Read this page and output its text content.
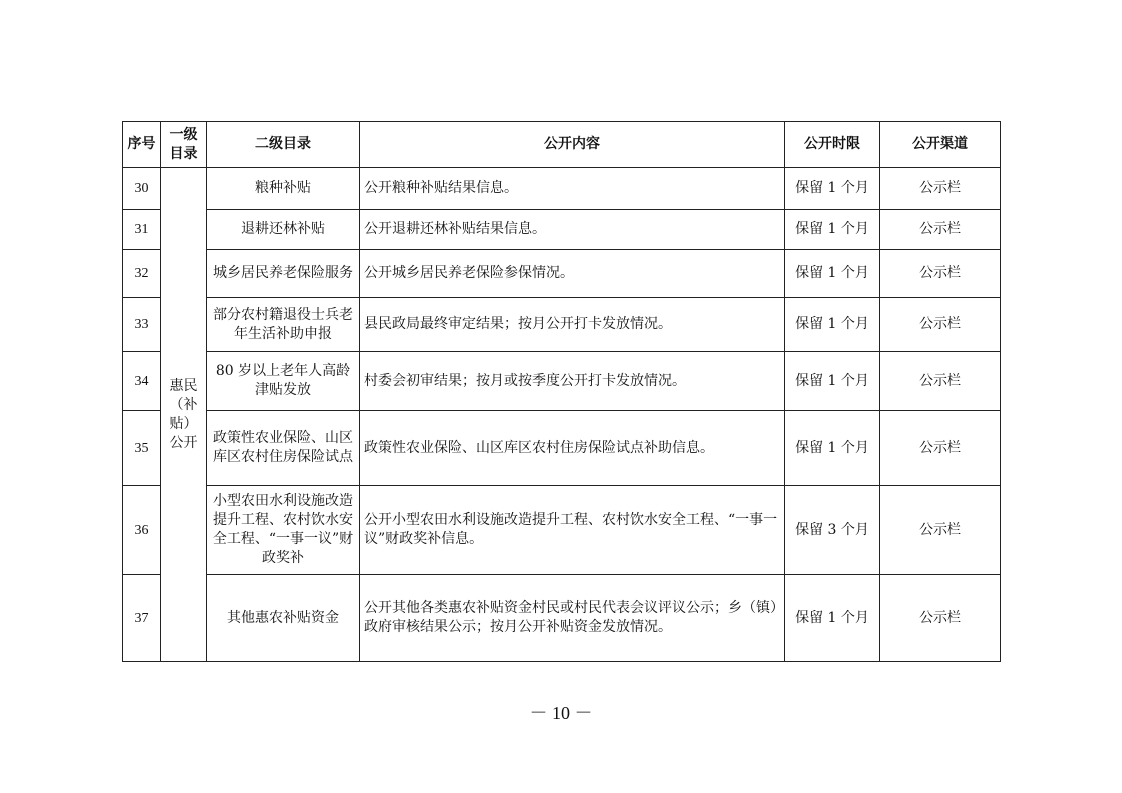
序号	一级目录	二级目录	公开内容	公开时限	公开渠道
30	惠民（补贴）公开	粮种补贴	公开粮种补贴结果信息。	保留 1 个月	公示栏
31		退耕还林补贴	公开退耕还林补贴结果信息。	保留 1 个月	公示栏
32		城乡居民养老保险服务	公开城乡居民养老保险参保情况。	保留 1 个月	公示栏
33		部分农村籍退役士兵老年生活补助申报	县民政局最终审定结果；按月公开打卡发放情况。	保留 1 个月	公示栏
34		80 岁以上老年人高龄津贴发放	村委会初审结果；按月或按季度公开打卡发放情况。	保留 1 个月	公示栏
35		政策性农业保险、山区库区农村住房保险试点	政策性农业保险、山区库区农村住房保险试点补助信息。	保留 1 个月	公示栏
36		小型农田水利设施改造提升工程、农村饮水安全工程、“一事一议”财政奖补	公开小型农田水利设施改造提升工程、农村饮水安全工程、“一事一议”财政奖补信息。	保留 3 个月	公示栏
37		其他惠农补贴资金	公开其他各类惠农补贴资金村民或村民代表会议评议公示；乡（镇）政府审核结果公示；按月公开补贴资金发放情况。	保留 1 个月	公示栏
－ 10 －
